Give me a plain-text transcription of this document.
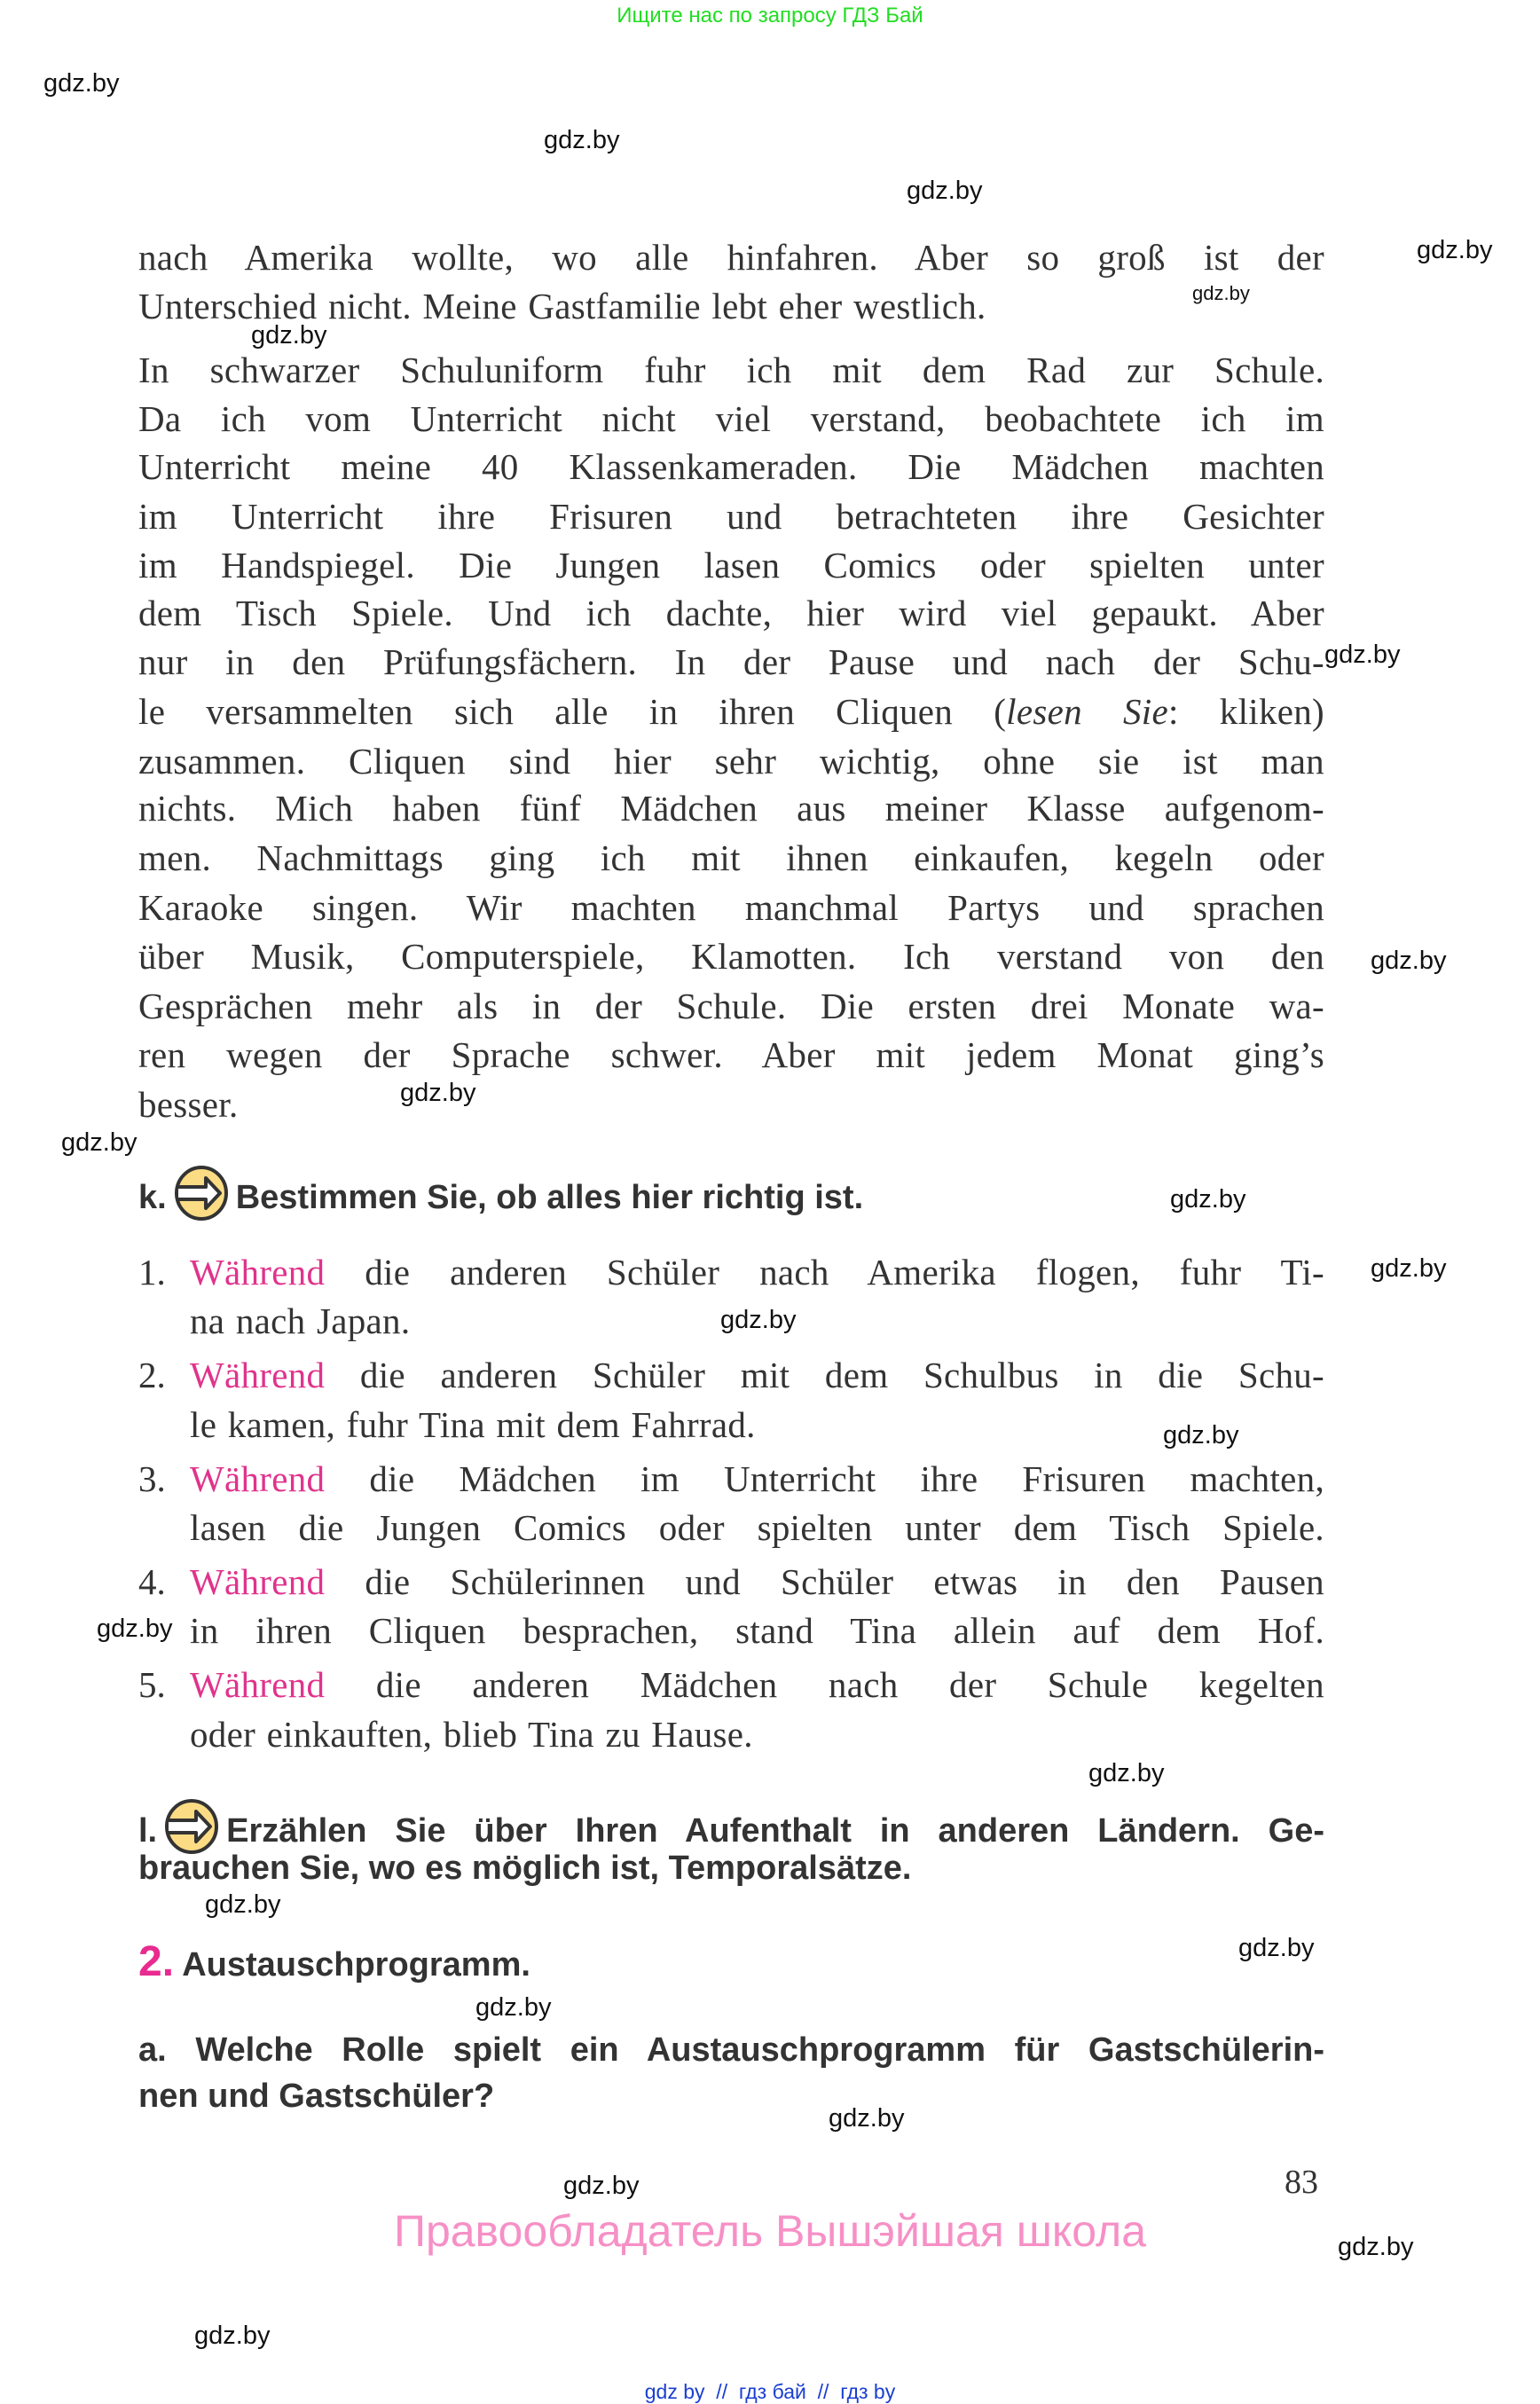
Ищите нас по запросу ГДЗ Бай
nach Amerika wollte, wo alle hinfahren. Aber so groß ist der
Unterschied nicht. Meine Gastfamilie lebt eher westlich.
In schwarzer Schuluniform fuhr ich mit dem Rad zur Schule.
Da ich vom Unterricht nicht viel verstand, beobachtete ich im
Unterricht meine 40 Klassenkameraden. Die Mädchen machten
im Unterricht ihre Frisuren und betrachteten ihre Gesichter
im Handspiegel. Die Jungen lasen Comics oder spielten unter
dem Tisch Spiele. Und ich dachte, hier wird viel gepaukt. Aber
nur in den Prüfungsfächern. In der Pause und nach der Schu-
le versammelten sich alle in ihren Cliquen (lesen Sie: kliken)
zusammen. Cliquen sind hier sehr wichtig, ohne sie ist man
nichts. Mich haben fünf Mädchen aus meiner Klasse aufgenom-
men. Nachmittags ging ich mit ihnen einkaufen, kegeln oder
Karaoke singen. Wir machten manchmal Partys und sprachen
über Musik, Computerspiele, Klamotten. Ich verstand von den
Gesprächen mehr als in der Schule. Die ersten drei Monate wa-
ren wegen der Sprache schwer. Aber mit jedem Monat ging’s
besser.
k. Bestimmen Sie, ob alles hier richtig ist.
1. Während die anderen Schüler nach Amerika flogen, fuhr Ti-
na nach Japan.
2. Während die anderen Schüler mit dem Schulbus in die Schu-
le kamen, fuhr Tina mit dem Fahrrad.
3. Während die Mädchen im Unterricht ihre Frisuren machten,
lasen die Jungen Comics oder spielten unter dem Tisch Spiele.
4. Während die Schülerinnen und Schüler etwas in den Pausen
in ihren Cliquen besprachen, stand Tina allein auf dem Hof.
5. Während die anderen Mädchen nach der Schule kegelten
oder einkauften, blieb Tina zu Hause.
l. Erzählen Sie über Ihren Aufenthalt in anderen Ländern. Ge-
brauchen Sie, wo es möglich ist, Temporalsätze.
2. Austauschprogramm.
a. Welche Rolle spielt ein Austauschprogramm für Gastschülerin-
nen und Gastschüler?
83
Правообладатель Вышэйшая школа
gdz by  //  гдз бай  //  гдз by
gdz.by
gdz.by
gdz.by
gdz.by
gdz.by
gdz.by
gdz.by
gdz.by
gdz.by
gdz.by
gdz.by
gdz.by
gdz.by
gdz.by
gdz.by
gdz.by
gdz.by
gdz.by
gdz.by
gdz.by
gdz.by
gdz.by
gdz.by
